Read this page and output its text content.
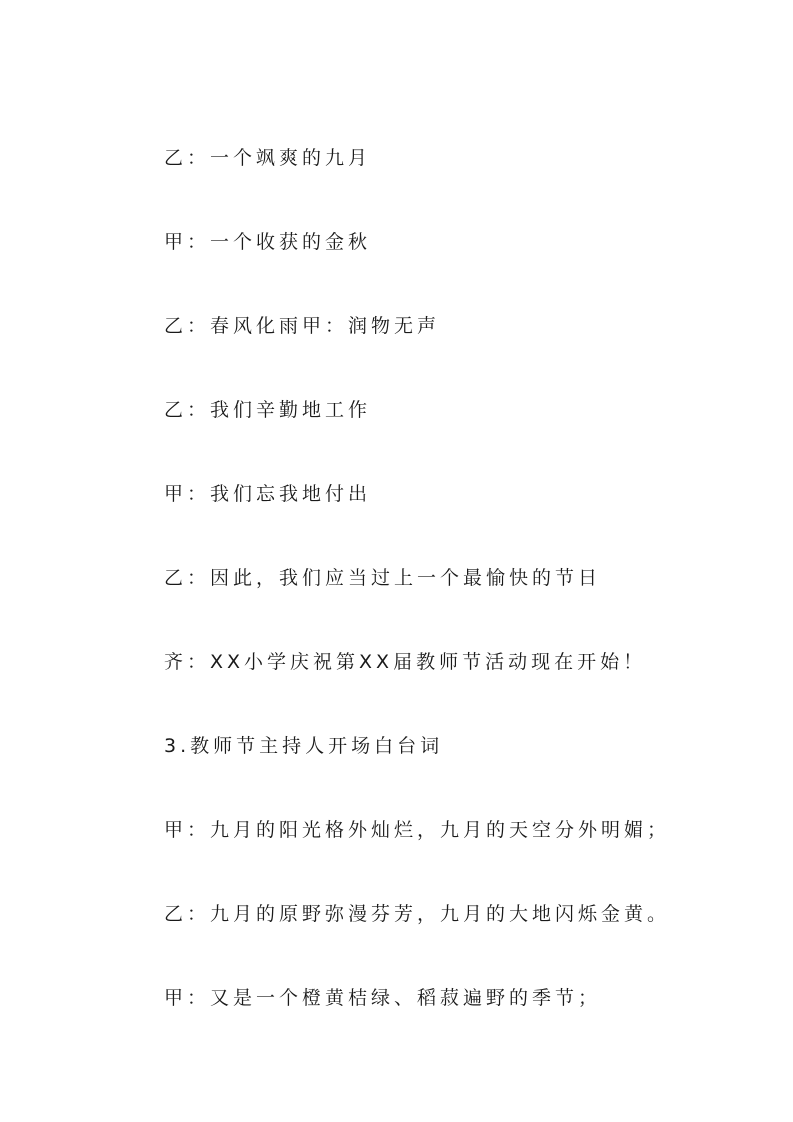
乙：一个飒爽的九月

甲：一个收获的金秋

乙：春风化雨甲：润物无声

乙：我们辛勤地工作

甲：我们忘我地付出

乙：因此，我们应当过上一个最愉快的节日

齐：XX小学庆祝第XX届教师节活动现在开始！

3.教师节主持人开场白台词

甲：九月的阳光格外灿烂，九月的天空分外明媚；

乙：九月的原野弥漫芬芳，九月的大地闪烁金黄。

甲：又是一个橙黄桔绿、稻菽遍野的季节；
